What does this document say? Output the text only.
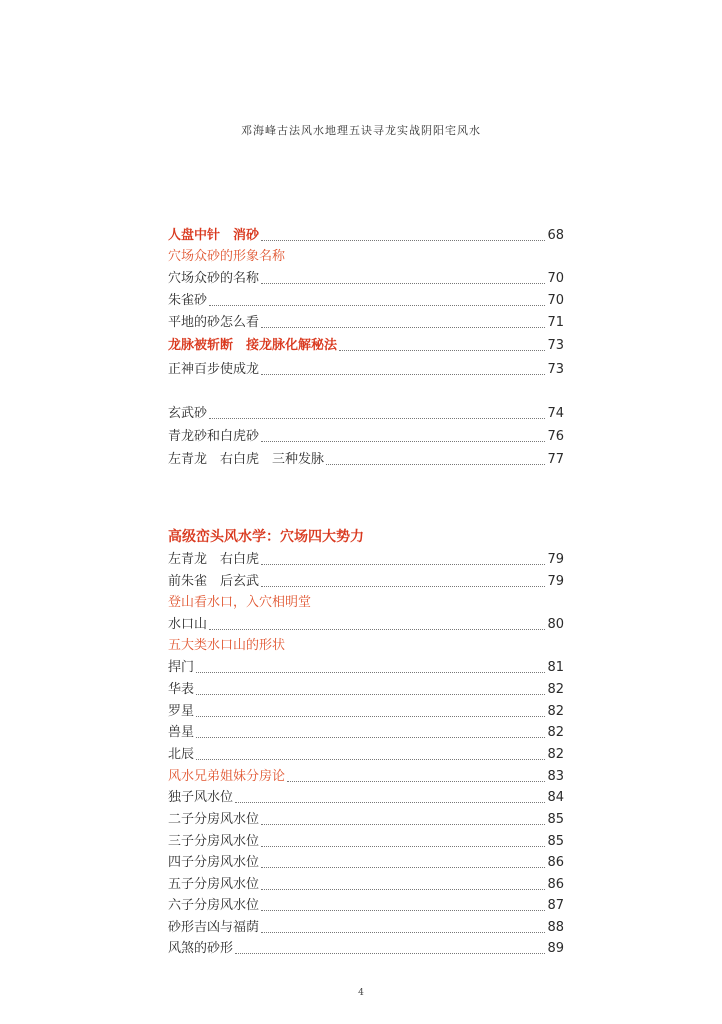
邓海峰古法风水地理五诀寻龙实战阴阳宅风水
人盘中针　消砂	68
穴场众砂的形象名称
穴场众砂的名称	70
朱雀砂	70
平地的砂怎么看	71
龙脉被斩断　接龙脉化解秘法	73
正神百步使成龙	73
玄武砂	74
青龙砂和白虎砂	76
左青龙　右白虎　三种发脉	77
高级峦头风水学：穴场四大势力
左青龙　右白虎	79
前朱雀　后玄武	79
登山看水口，入穴相明堂
水口山	80
五大类水口山的形状
捍门	81
华表	82
罗星	82
兽星	82
北辰	82
风水兄弟姐妹分房论	83
独子风水位	84
二子分房风水位	85
三子分房风水位	85
四子分房风水位	86
五子分房风水位	86
六子分房风水位	87
砂形吉凶与福荫	88
风煞的砂形	89
4
